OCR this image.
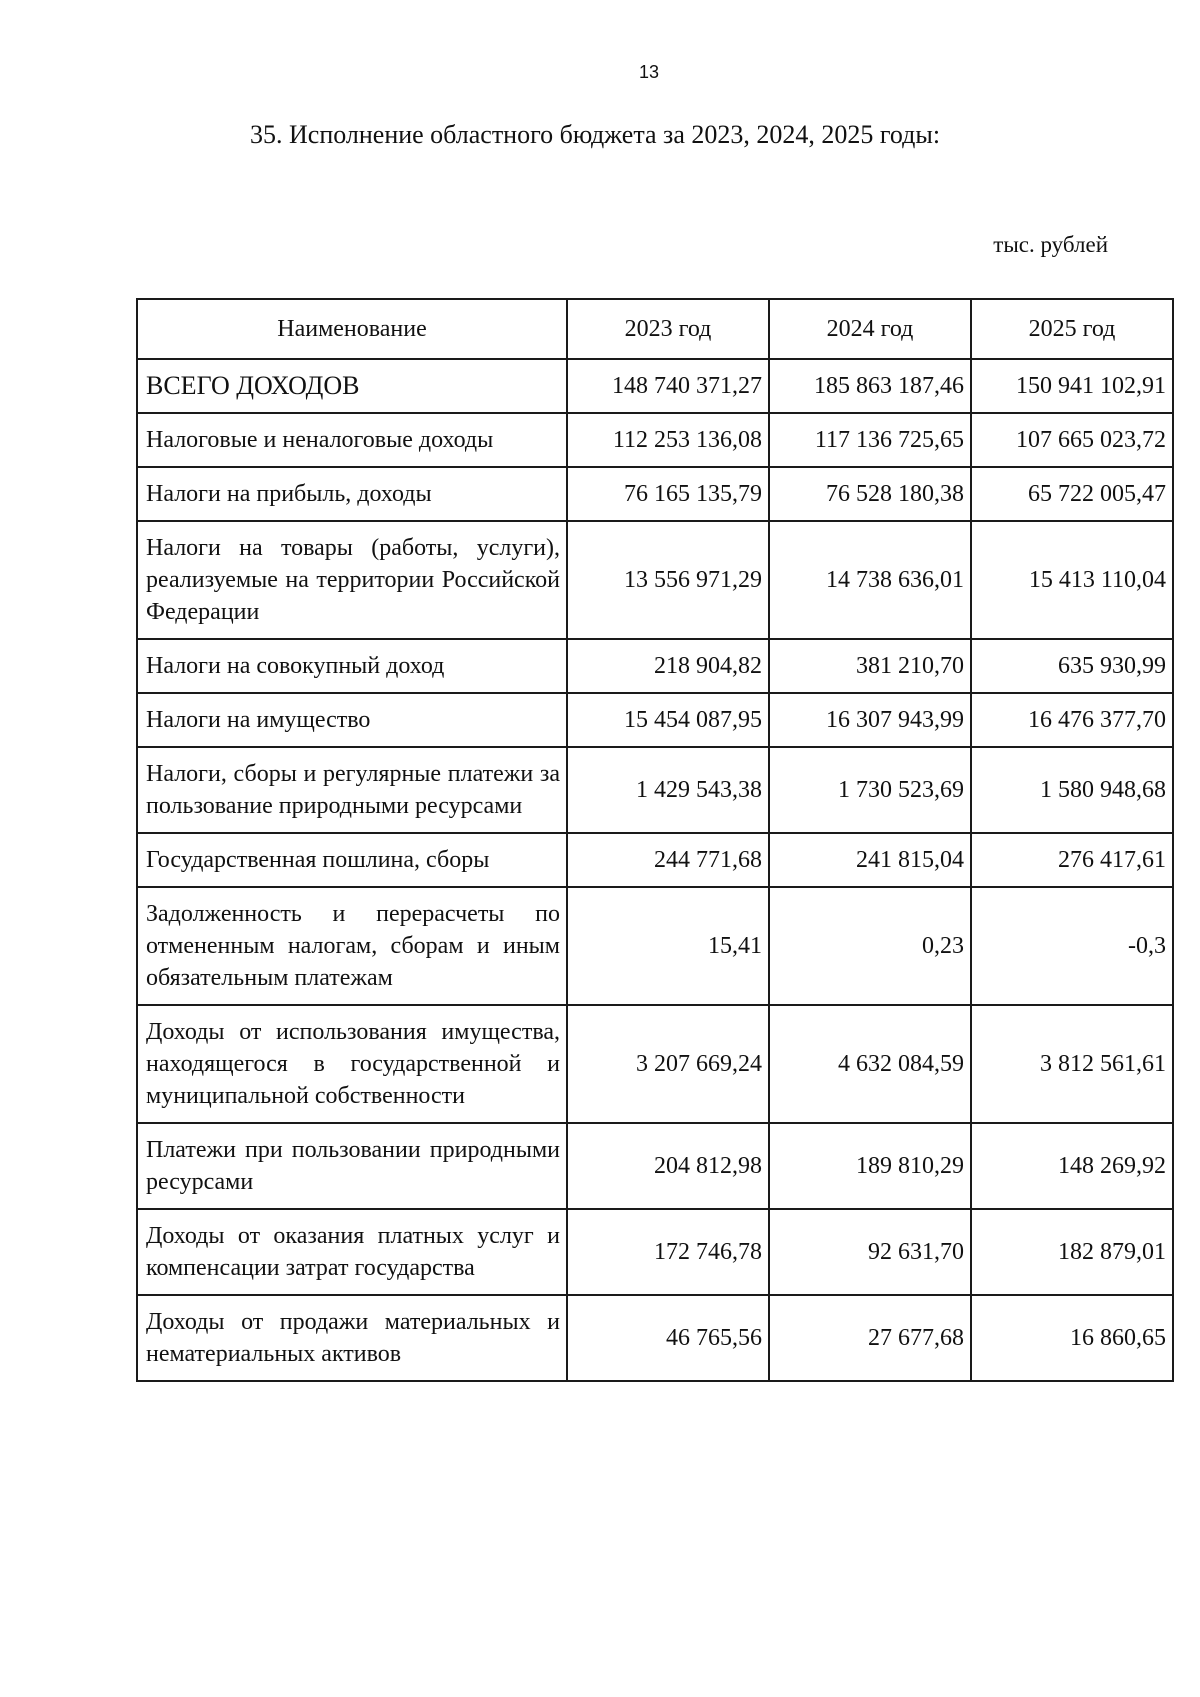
13
35. Исполнение областного бюджета за 2023, 2024, 2025 годы:
тыс. рублей
Наименование	2023 год	2024 год	2025 год
ВСЕГО ДОХОДОВ	148 740 371,27	185 863 187,46	150 941 102,91
Налоговые и неналоговые доходы	112 253 136,08	117 136 725,65	107 665 023,72
Налоги на прибыль, доходы	76 165 135,79	76 528 180,38	65 722 005,47
Налоги на товары (работы, услуги), реализуемые на территории Российской Федерации	13 556 971,29	14 738 636,01	15 413 110,04
Налоги на совокупный доход	218 904,82	381 210,70	635 930,99
Налоги на имущество	15 454 087,95	16 307 943,99	16 476 377,70
Налоги, сборы и регулярные платежи за пользование природными ресурсами	1 429 543,38	1 730 523,69	1 580 948,68
Государственная пошлина, сборы	244 771,68	241 815,04	276 417,61
Задолженность и перерасчеты по отмененным налогам, сборам и иным обязательным платежам	15,41	0,23	-0,3
Доходы от использования имущества, находящегося в государственной и муниципальной собственности	3 207 669,24	4 632 084,59	3 812 561,61
Платежи при пользовании природными ресурсами	204 812,98	189 810,29	148 269,92
Доходы от оказания платных услуг и компенсации затрат государства	172 746,78	92 631,70	182 879,01
Доходы от продажи материальных и нематериальных активов	46 765,56	27 677,68	16 860,65
